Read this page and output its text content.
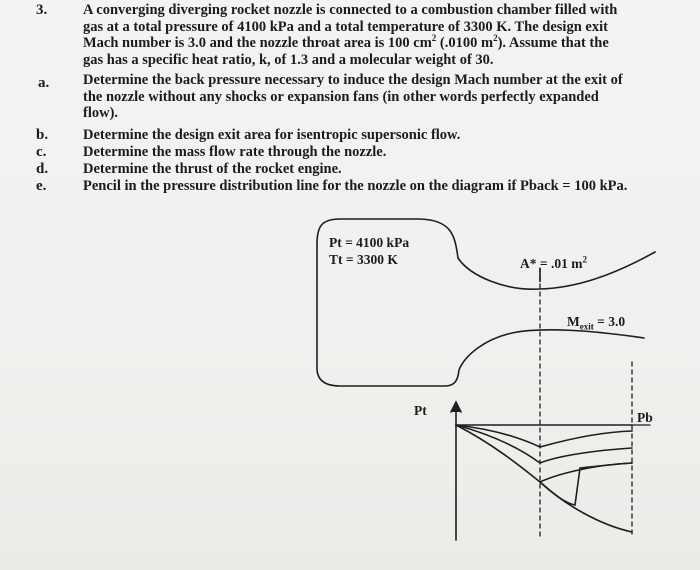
3. A converging diverging rocket nozzle is connected to a combustion chamber filled with
gas at a total pressure of 4100 kPa and a total temperature of 3300 K. The design exit
Mach number is 3.0 and the nozzle throat area is 100 $cm^2$ (.0100 $m^2$). Assume that the
gas has a specific heat ratio, k, of 1.3 and a molecular weight of 30.
a. Determine the back pressure necessary to induce the design Mach number at the exit of
the nozzle without any shocks or expansion fans (in other words perfectly expanded
flow).
b. Determine the design exit area for isentropic supersonic flow.
c.	Determine the mass flow rate through the nozzle.
d. Determine the thrust of the rocket engine.
e.	Pencil in the pressure distribution line for the nozzle on the diagram if Pback = 100 kPa.
Pt = 4100 kPa
Tt = 3300 K	A* = .01 $m^2$
$M_{exit} = 3.0$
Pt	Pb
